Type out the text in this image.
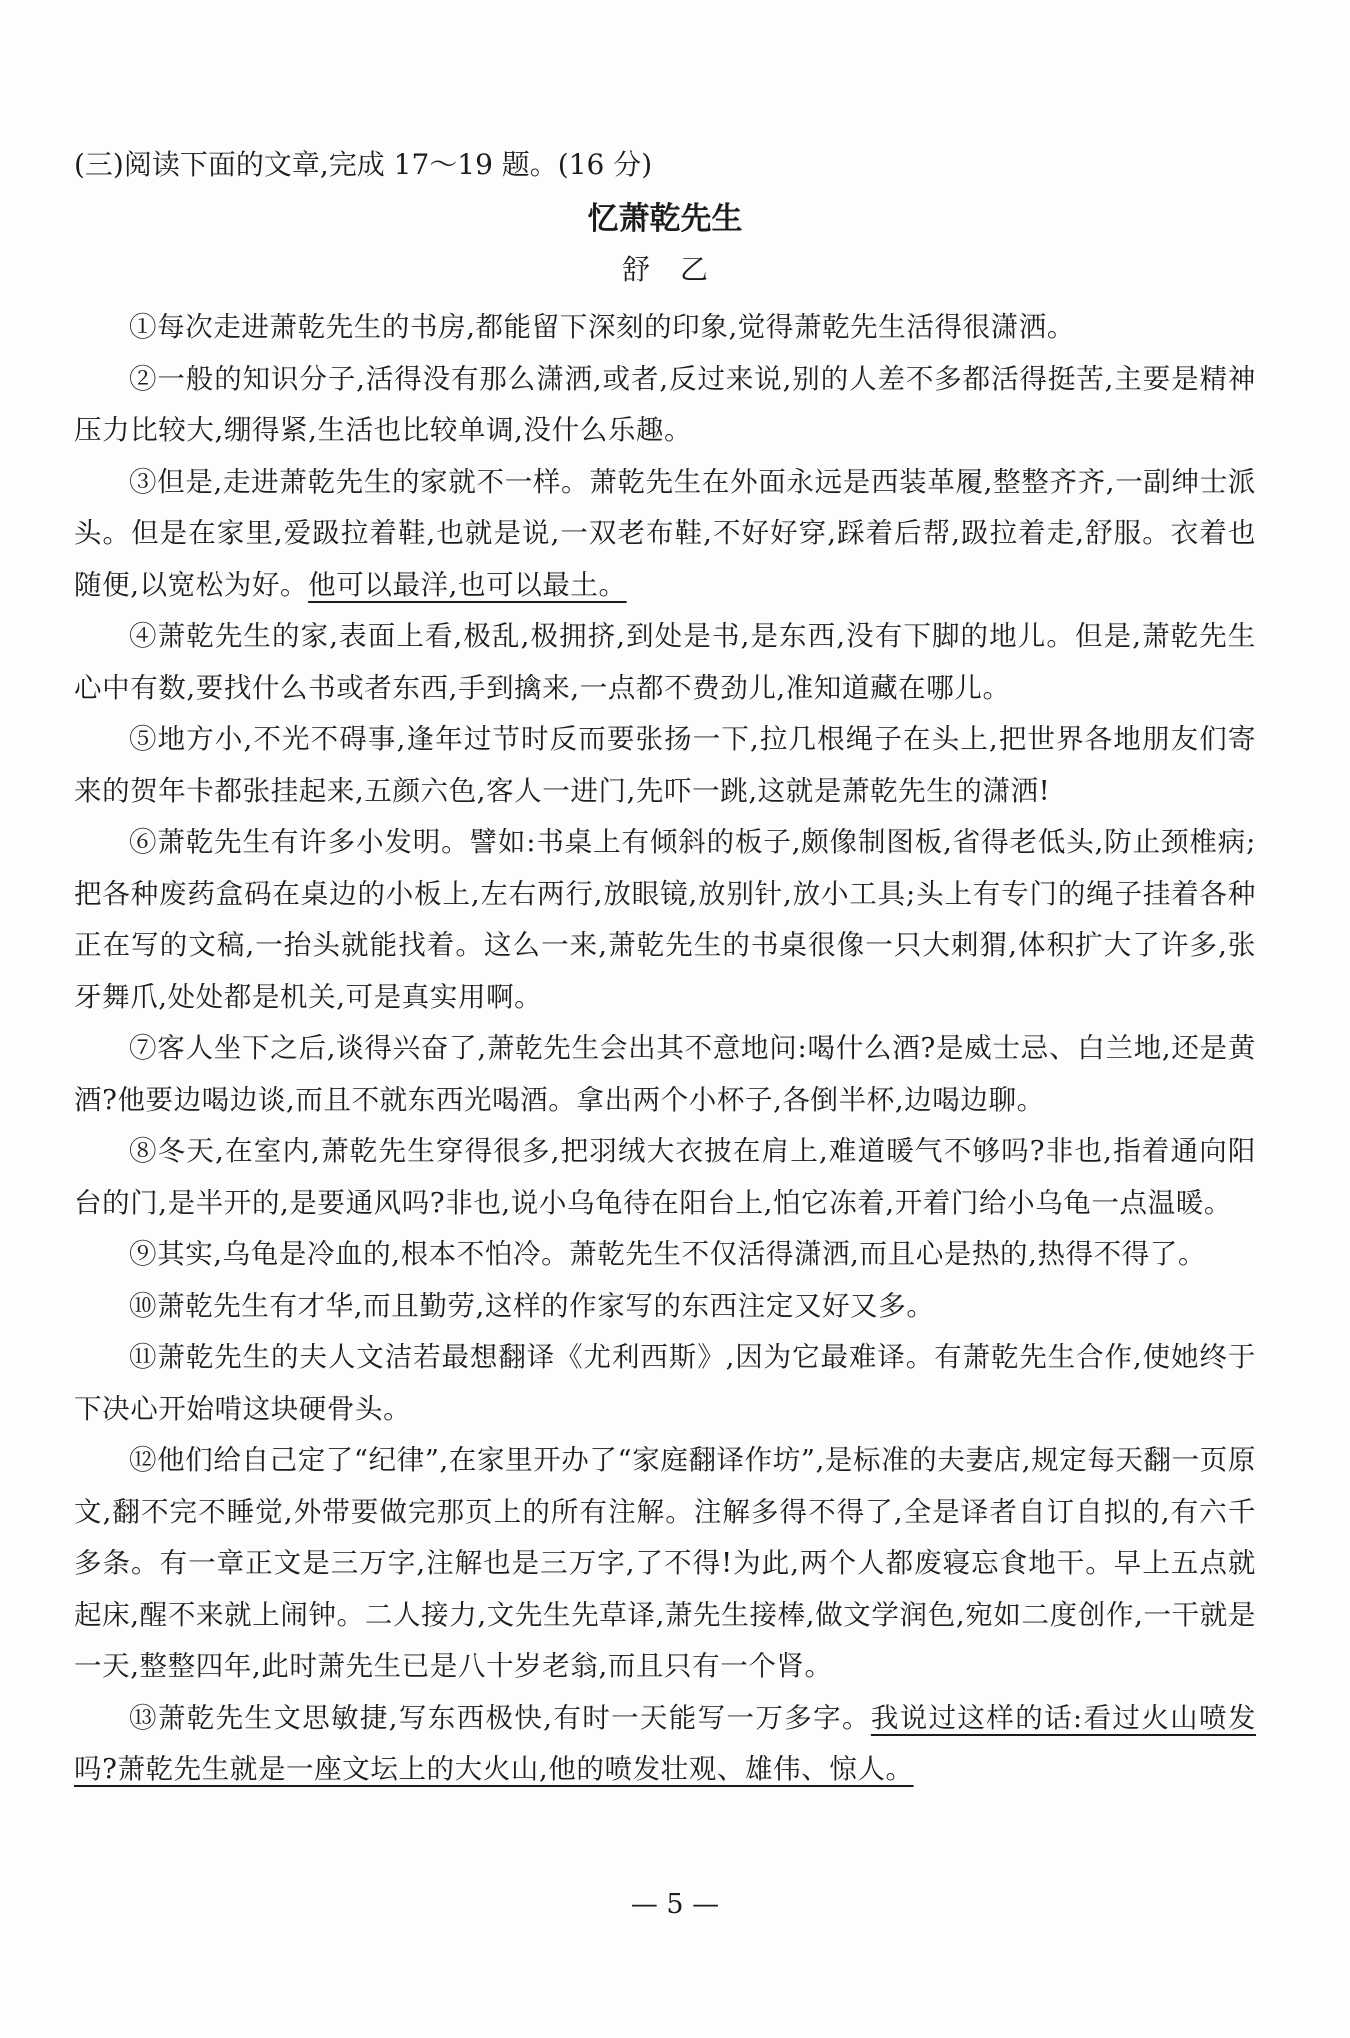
(三)阅读下面的文章,完成 17～19 题。(16 分)

忆萧乾先生
舒乙

①每次走进萧乾先生的书房,都能留下深刻的印象,觉得萧乾先生活得很潇洒。

②一般的知识分子,活得没有那么潇洒,或者,反过来说,别的人差不多都活得挺苦,主要是精神压力比较大,绷得紧,生活也比较单调,没什么乐趣。

③但是,走进萧乾先生的家就不一样。萧乾先生在外面永远是西装革履,整整齐齐,一副绅士派头。但是在家里,爱趿拉着鞋,也就是说,一双老布鞋,不好好穿,踩着后帮,趿拉着走,舒服。衣着也随便,以宽松为好。他可以最洋,也可以最土。

④萧乾先生的家,表面上看,极乱,极拥挤,到处是书,是东西,没有下脚的地儿。但是,萧乾先生心中有数,要找什么书或者东西,手到擒来,一点都不费劲儿,准知道藏在哪儿。

⑤地方小,不光不碍事,逢年过节时反而要张扬一下,拉几根绳子在头上,把世界各地朋友们寄来的贺年卡都张挂起来,五颜六色,客人一进门,先吓一跳,这就是萧乾先生的潇洒!

⑥萧乾先生有许多小发明。譬如:书桌上有倾斜的板子,颇像制图板,省得老低头,防止颈椎病;把各种废药盒码在桌边的小板上,左右两行,放眼镜,放别针,放小工具;头上有专门的绳子挂着各种正在写的文稿,一抬头就能找着。这么一来,萧乾先生的书桌很像一只大刺猬,体积扩大了许多,张牙舞爪,处处都是机关,可是真实用啊。

⑦客人坐下之后,谈得兴奋了,萧乾先生会出其不意地问:喝什么酒?是威士忌、白兰地,还是黄酒?他要边喝边谈,而且不就东西光喝酒。拿出两个小杯子,各倒半杯,边喝边聊。

⑧冬天,在室内,萧乾先生穿得很多,把羽绒大衣披在肩上,难道暖气不够吗?非也,指着通向阳台的门,是半开的,是要通风吗?非也,说小乌龟待在阳台上,怕它冻着,开着门给小乌龟一点温暖。

⑨其实,乌龟是冷血的,根本不怕冷。萧乾先生不仅活得潇洒,而且心是热的,热得不得了。

⑩萧乾先生有才华,而且勤劳,这样的作家写的东西注定又好又多。

⑪萧乾先生的夫人文洁若最想翻译《尤利西斯》,因为它最难译。有萧乾先生合作,使她终于下决心开始啃这块硬骨头。

⑫他们给自己定了“纪律”,在家里开办了“家庭翻译作坊”,是标准的夫妻店,规定每天翻一页原文,翻不完不睡觉,外带要做完那页上的所有注解。注解多得不得了,全是译者自订自拟的,有六千多条。有一章正文是三万字,注解也是三万字,了不得!为此,两个人都废寝忘食地干。早上五点就起床,醒不来就上闹钟。二人接力,文先生先草译,萧先生接棒,做文学润色,宛如二度创作,一干就是一天,整整四年,此时萧先生已是八十岁老翁,而且只有一个肾。

⑬萧乾先生文思敏捷,写东西极快,有时一天能写一万多字。我说过这样的话:看过火山喷发吗?萧乾先生就是一座文坛上的大火山,他的喷发壮观、雄伟、惊人。

— 5 —
